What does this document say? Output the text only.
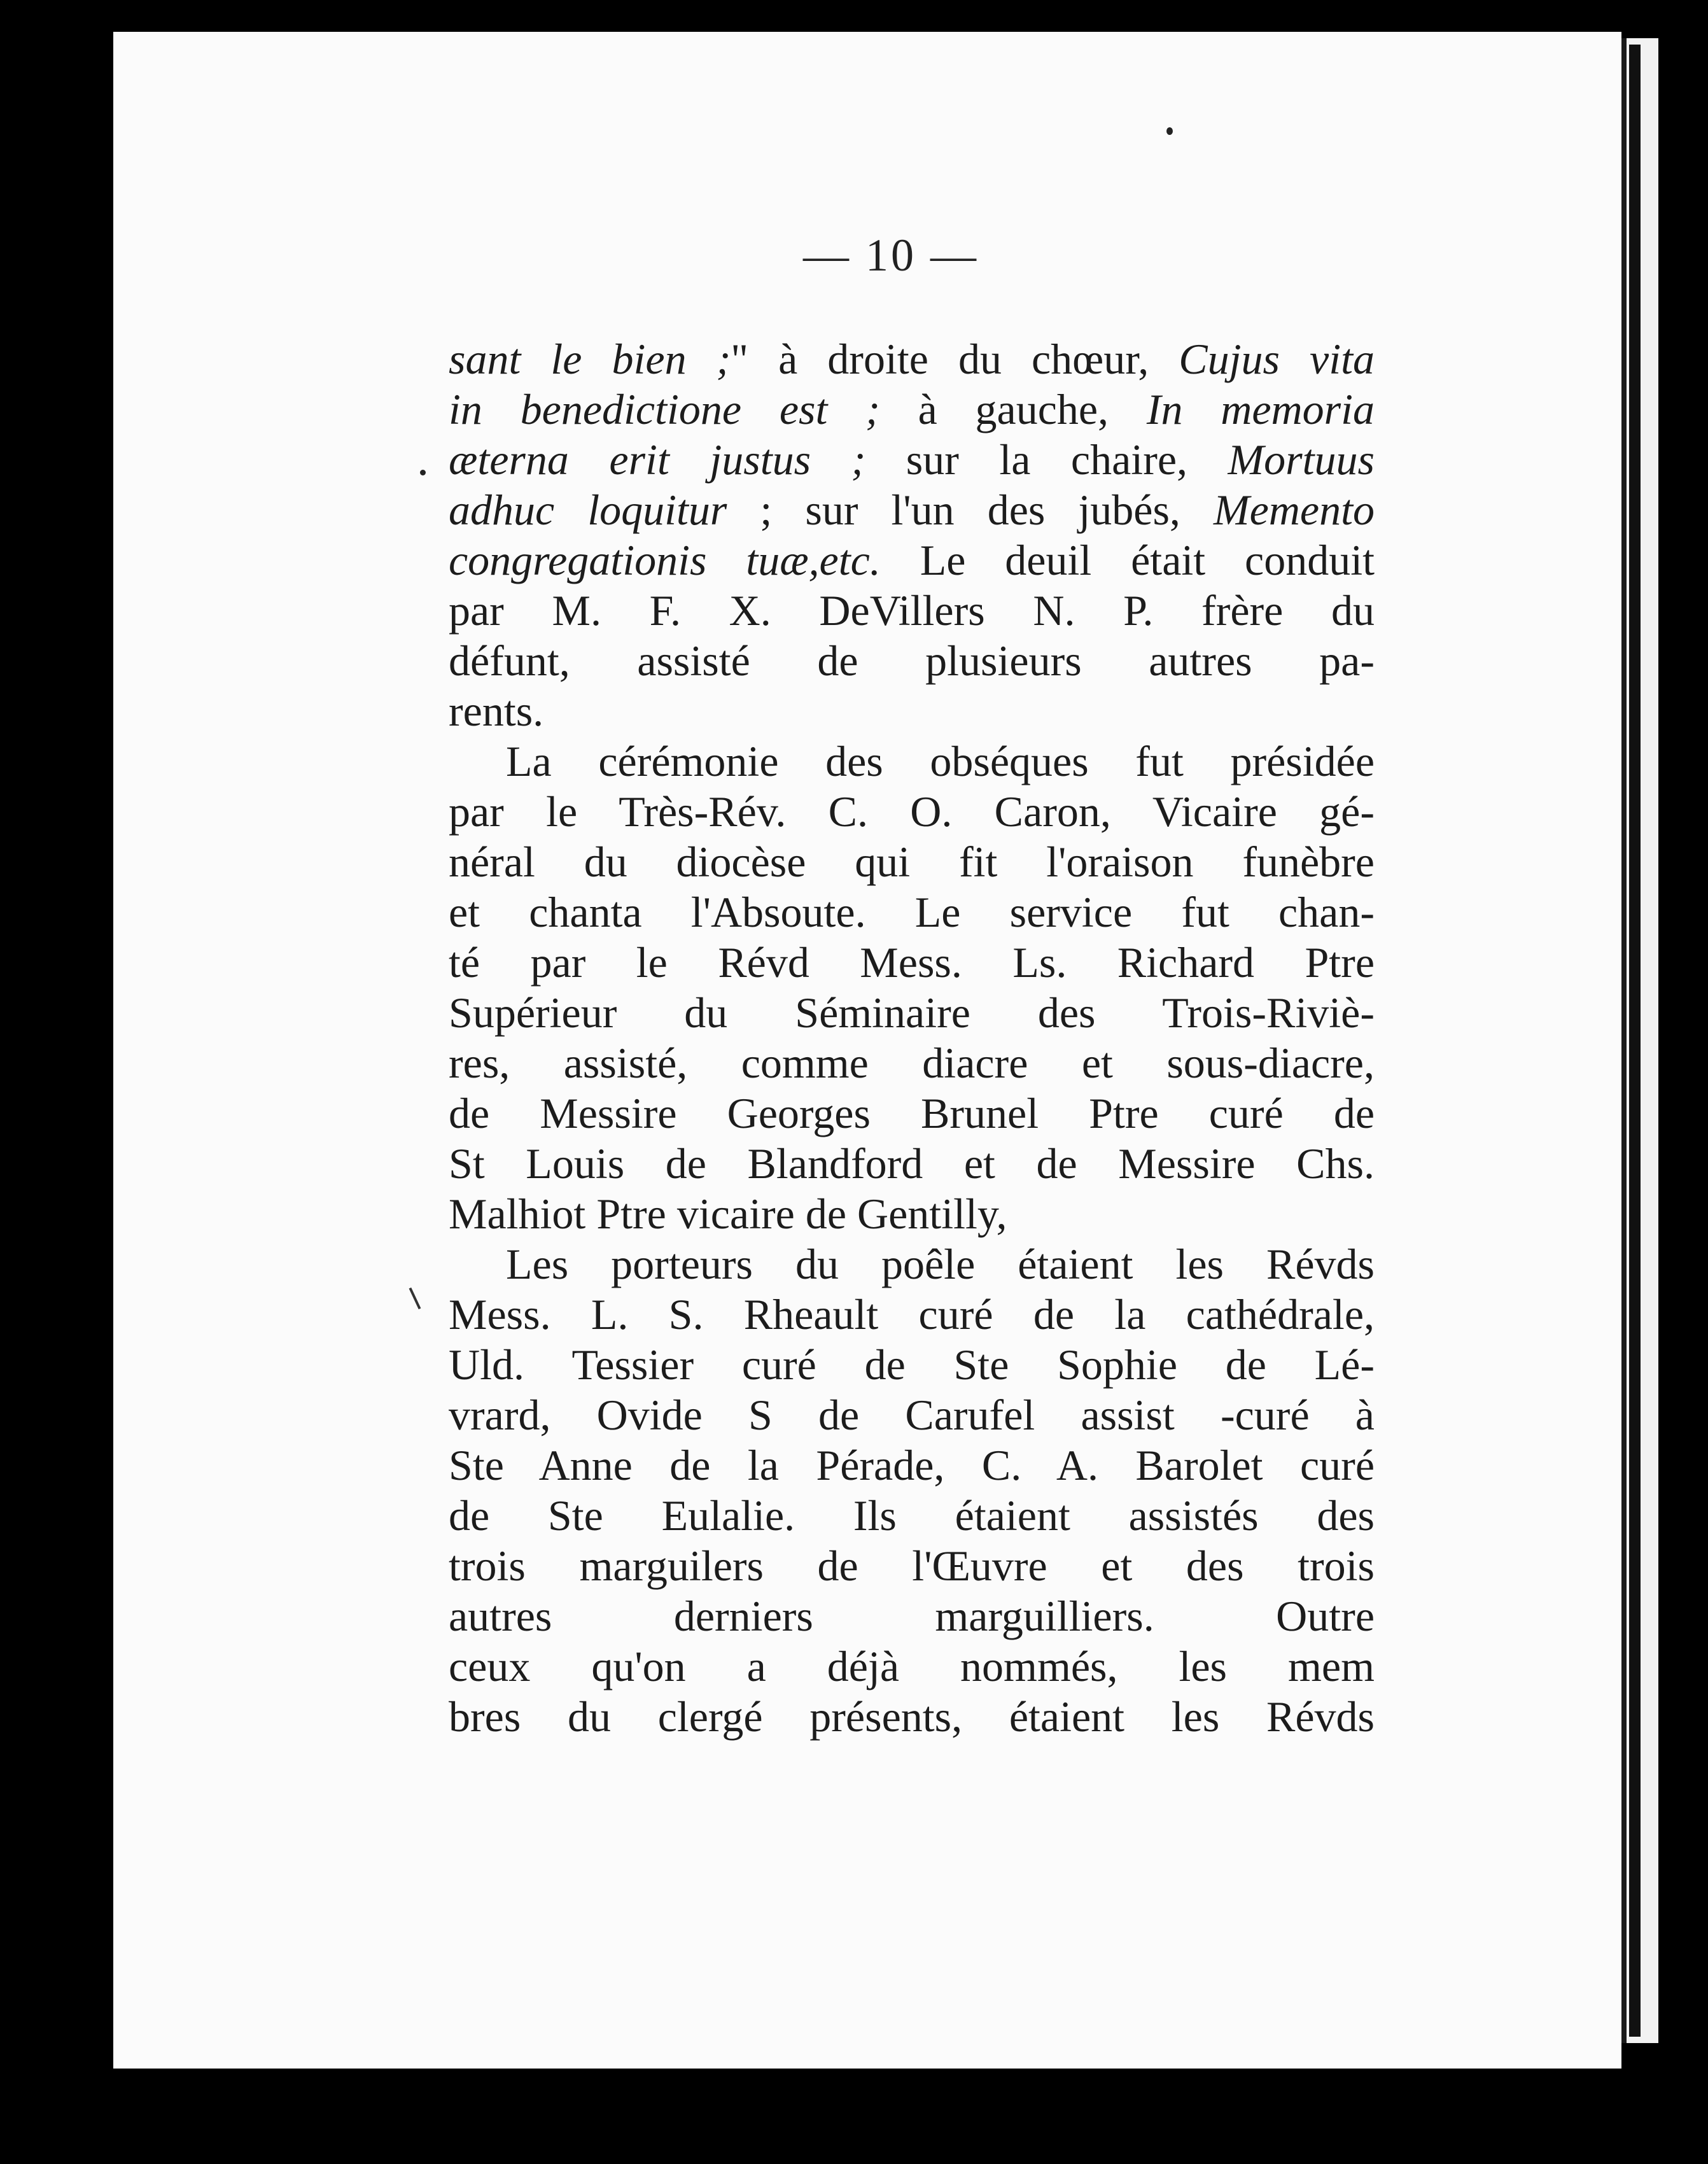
— 10 —
sant le bien ;" à droite du chœur, Cujus vita
in benedictione est ; à gauche, In memoria
æterna erit justus ; sur la chaire, Mortuus
adhuc loquitur ; sur l'un des jubés, Memento
congregationis tuæ,etc. Le deuil était conduit
par M. F. X. DeVillers N. P. frère du
défunt, assisté de plusieurs autres pa-
rents.
La cérémonie des obséques fut présidée
par le Très-Rév. C. O. Caron, Vicaire gé-
néral du diocèse qui fit l'oraison funèbre
et chanta l'Absoute. Le service fut chan-
té par le Révd Mess. Ls. Richard Ptre
Supérieur du Séminaire des Trois-Riviè-
res, assisté, comme diacre et sous-diacre,
de Messire Georges Brunel Ptre curé de
St Louis de Blandford et de Messire Chs.
Malhiot Ptre vicaire de Gentilly,
Les porteurs du poêle étaient les Révds
Mess. L. S. Rheault curé de la cathédrale,
Uld. Tessier curé de Ste Sophie de Lé-
vrard, Ovide S de Carufel assist -curé à
Ste Anne de la Pérade, C. A. Barolet curé
de Ste Eulalie. Ils étaient assistés des
trois marguilers de l'Œuvre et des trois
autres derniers marguilliers. Outre
ceux qu'on a déjà nommés, les mem
bres du clergé présents, étaient les Révds
